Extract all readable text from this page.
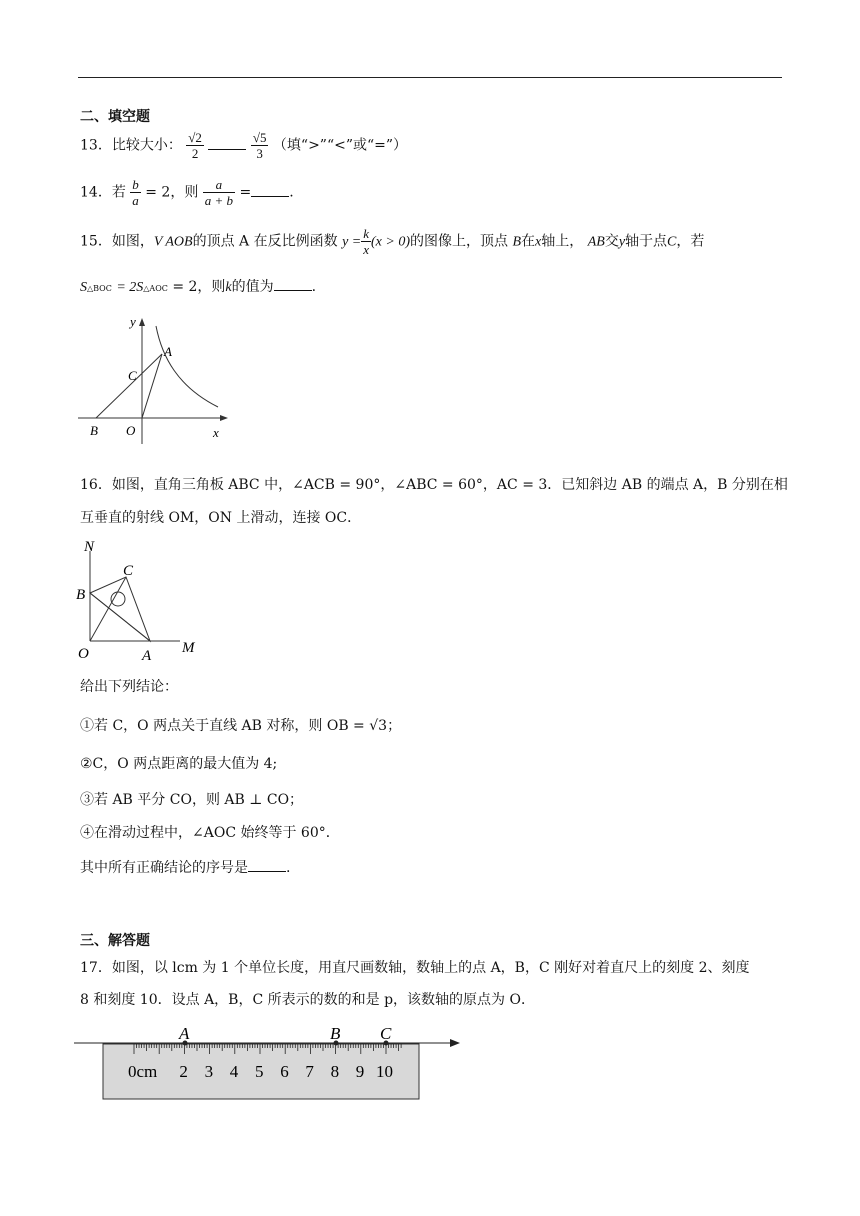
二、填空题
13．比较大小： $\frac{√2}{2}$
	$\frac{√5}{3}$ （填“>”“<”或“=”）
14．若 $\frac{b}{a} = 2$，则 $\frac{a}{a + b}$ =	.
15．如图，V AOB的顶点 A 在反比例函数 $y = \frac{k}{x} (x > 0)$的图像上，顶点 B在x轴上， AB交y轴于点C，若
S△BOC = 2S△AOC = 2，则k的值为	.
y
A
C
B O	x
16．如图，直角三角板 ABC 中，∠ACB = 90°，∠ABC = 60°，AC = 3．已知斜边 AB 的端点 A，B 分别在相
互垂直的射线 OM，ON 上滑动，连接 OC．
N
C
B
O	A M
给出下列结论：
①若 C，O 两点关于直线 AB 对称，则 OB = √3；
②C，O 两点距离的最大值为 4;
③若 AB 平分 CO，则 AB ⊥ CO；
④在滑动过程中，∠AOC 始终等于 60°．
其中所有正确结论的序号是	.
三、解答题
17．如图，以 lcm 为 1 个单位长度，用直尺画数轴，数轴上的点 A，B，C 刚好对着直尺上的刻度 2、刻度
8 和刻度 10．设点 A，B，C 所表示的数的和是 p，该数轴的原点为 O．
2 3 4 5 6 7 8 9 10
0cm
A	B C
